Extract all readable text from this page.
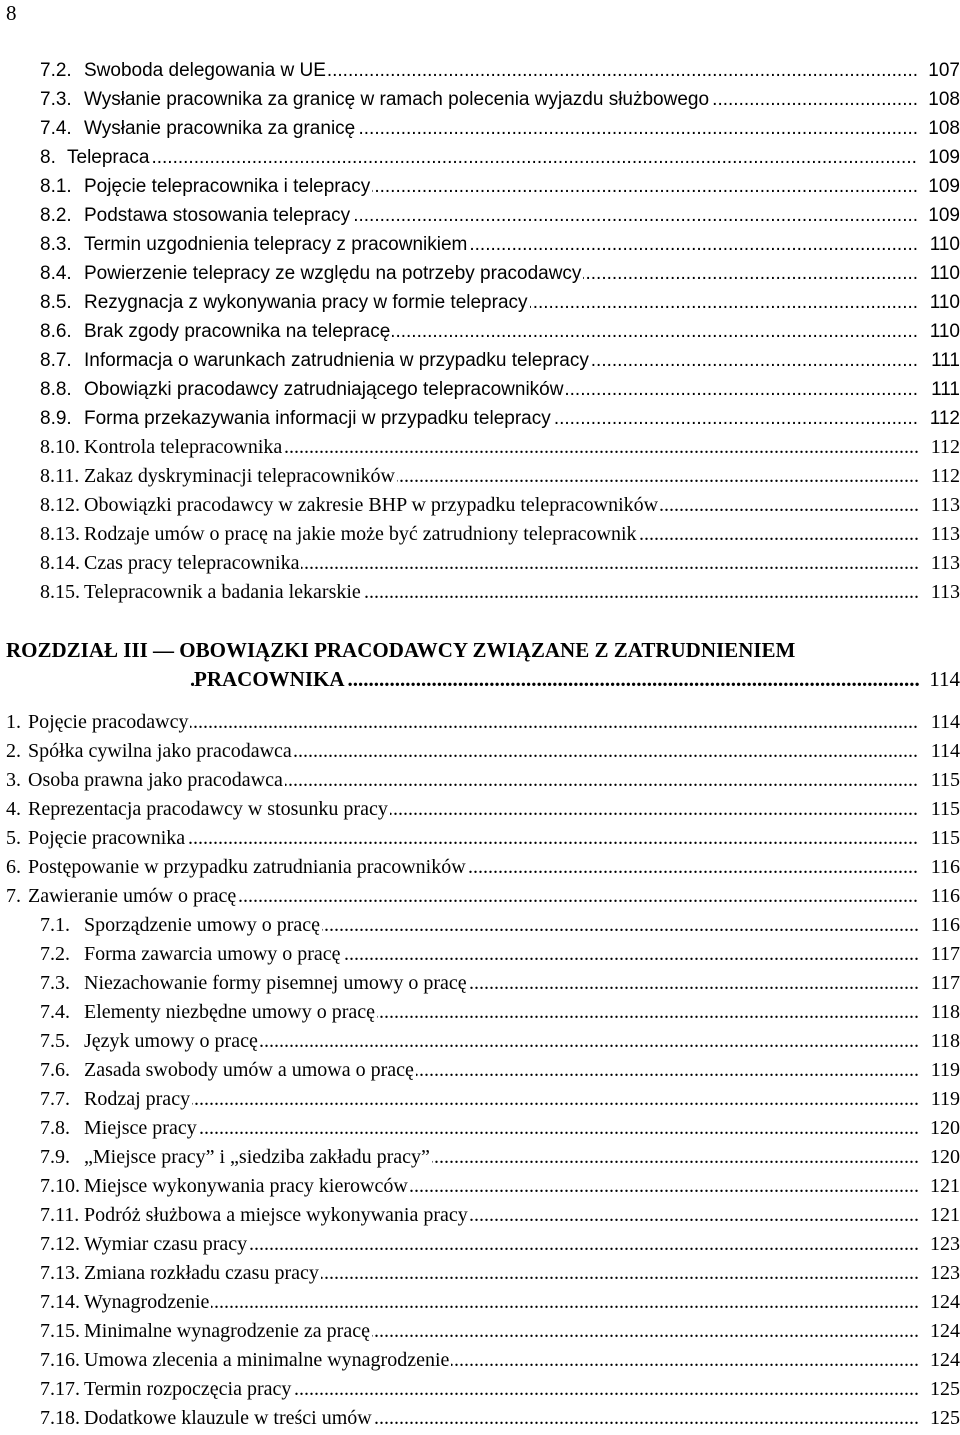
8
ROZDZIAŁ III — OBOWIĄZKI PRACODAWCY ZWIĄZANE Z ZATRUDNIENIEM
.....
PRACOWNIKA	114
.....
7.2. Swoboda delegowania w UE	107
.....
7.3. Wysłanie pracownika za granicę w ramach polecenia wyjazdu służbowego	108
.....
7.4. Wysłanie pracownika za granicę	108
.....
8. Telepraca	109
.....
8.1. Pojęcie telepracownika i telepracy	109
.....
8.2. Podstawa stosowania telepracy	109
.....
8.3. Termin uzgodnienia telepracy z pracownikiem	110
.....
8.4. Powierzenie telepracy ze względu na potrzeby pracodawcy	110
.....
8.5. Rezygnacja z wykonywania pracy w formie telepracy	110
.....
8.6. Brak zgody pracownika na telepracę	110
.....
8.7. Informacja o warunkach zatrudnienia w przypadku telepracy	111
.....
8.8. Obowiązki pracodawcy zatrudniającego telepracowników	111
.....
8.9. Forma przekazywania informacji w przypadku telepracy	112
.....
8.10. Kontrola telepracownika	112
.....
8.11. Zakaz dyskryminacji telepracowników	112
.....
8.12. Obowiązki pracodawcy w zakresie BHP w przypadku telepracowników	113
.....
8.13. Rodzaje umów o pracę na jakie może być zatrudniony telepracownik	113
.....
8.14. Czas pracy telepracownika	113
.....
8.15. Telepracownik a badania lekarskie	113
.....
1. Pojęcie pracodawcy	114
.....
2. Spółka cywilna jako pracodawca	114
.....
3. Osoba prawna jako pracodawca	115
.....
4. Reprezentacja pracodawcy w stosunku pracy	115
.....
5. Pojęcie pracownika	115
.....
6. Postępowanie w przypadku zatrudniania pracowników	116
.....
7. Zawieranie umów o pracę	116
.....
7.1. Sporządzenie umowy o pracę	116
.....
7.2. Forma zawarcia umowy o pracę	117
.....
7.3. Niezachowanie formy pisemnej umowy o pracę	117
.....
7.4. Elementy niezbędne umowy o pracę	118
.....
7.5. Język umowy o pracę	118
.....
7.6. Zasada swobody umów a umowa o pracę	119
.....
7.7. Rodzaj pracy	119
.....
7.8. Miejsce pracy	120
.....
7.9. „Miejsce pracy” i „siedziba zakładu pracy”	120
.....
7.10. Miejsce wykonywania pracy kierowców	121
.....
7.11. Podróż służbowa a miejsce wykonywania pracy	121
.....
7.12. Wymiar czasu pracy	123
.....
7.13. Zmiana rozkładu czasu pracy	123
.....
7.14. Wynagrodzenie	124
.....
7.15. Minimalne wynagrodzenie za pracę	124
.....
7.16. Umowa zlecenia a minimalne wynagrodzenie	124
.....
7.17. Termin rozpoczęcia pracy	125
.....
7.18. Dodatkowe klauzule w treści umów	125
